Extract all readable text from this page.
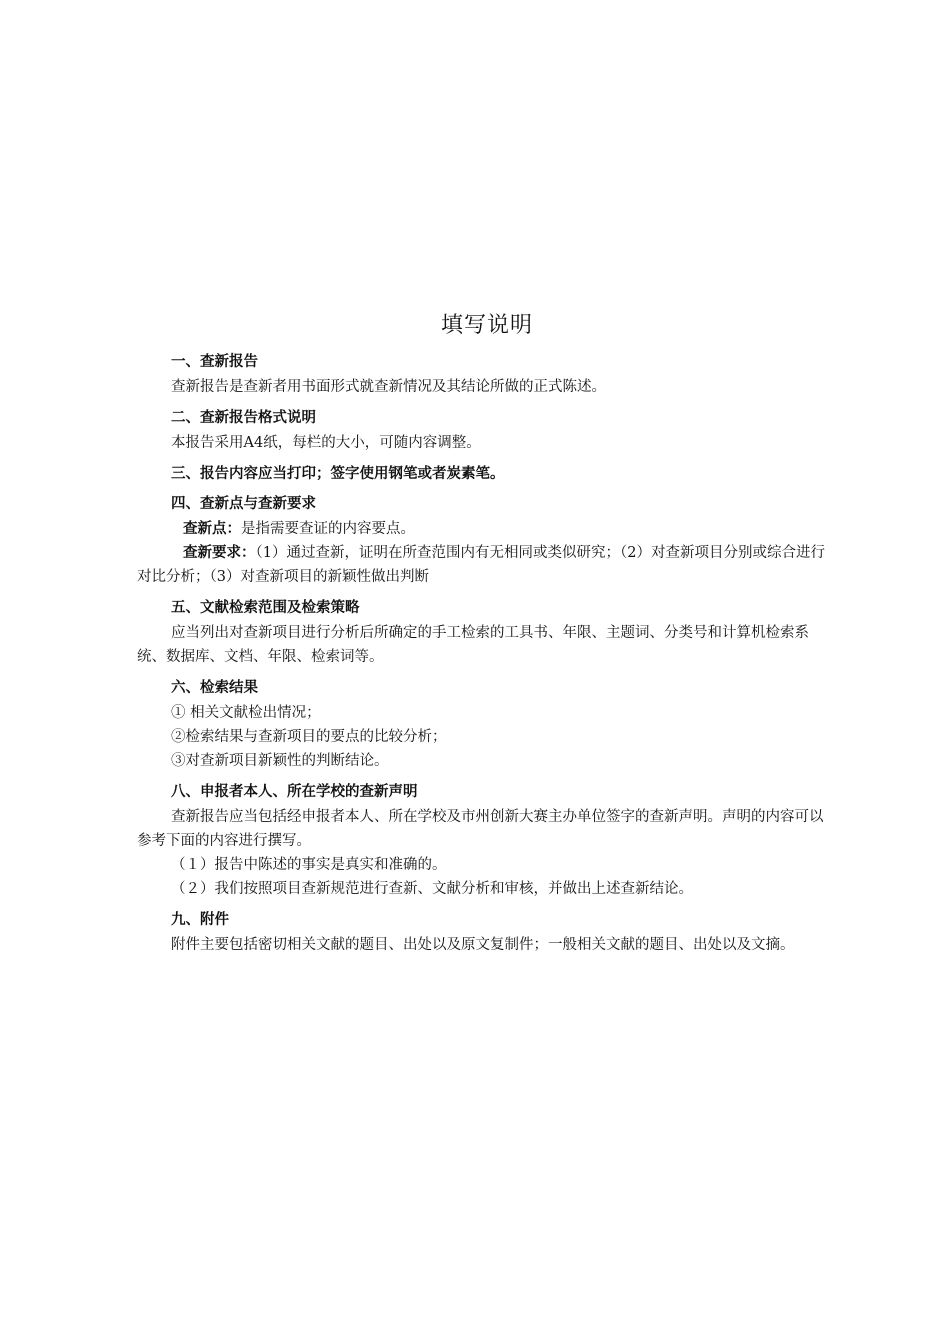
填写说明
一、查新报告

查新报告是查新者用书面形式就查新情况及其结论所做的正式陈述。

二、查新报告格式说明

本报告采用A4纸，每栏的大小，可随内容调整。

三、报告内容应当打印；签字使用钢笔或者炭素笔。
四、查新点与查新要求

查新点：是指需要查证的内容要点。

查新要求：（1）通过查新，证明在所查范围内有无相同或类似研究；（2）对查新项目分别或综合进行对比分析；（3）对查新项目的新颖性做出判断

五、文献检索范围及检索策略

应当列出对查新项目进行分析后所确定的手工检索的工具书、年限、主题词、分类号和计算机检索系统、数据库、文档、年限、检索词等。

六、检索结果

① 相关文献检出情况；

②检索结果与查新项目的要点的比较分析；

③对查新项目新颖性的判断结论。

八、申报者本人、所在学校的查新声明

查新报告应当包括经申报者本人、所在学校及市州创新大赛主办单位签字的查新声明。声明的内容可以参考下面的内容进行撰写。

（１）报告中陈述的事实是真实和准确的。

（２）我们按照项目查新规范进行查新、文献分析和审核，并做出上述查新结论。

九、附件

附件主要包括密切相关文献的题目、出处以及原文复制件；一般相关文献的题目、出处以及文摘。
